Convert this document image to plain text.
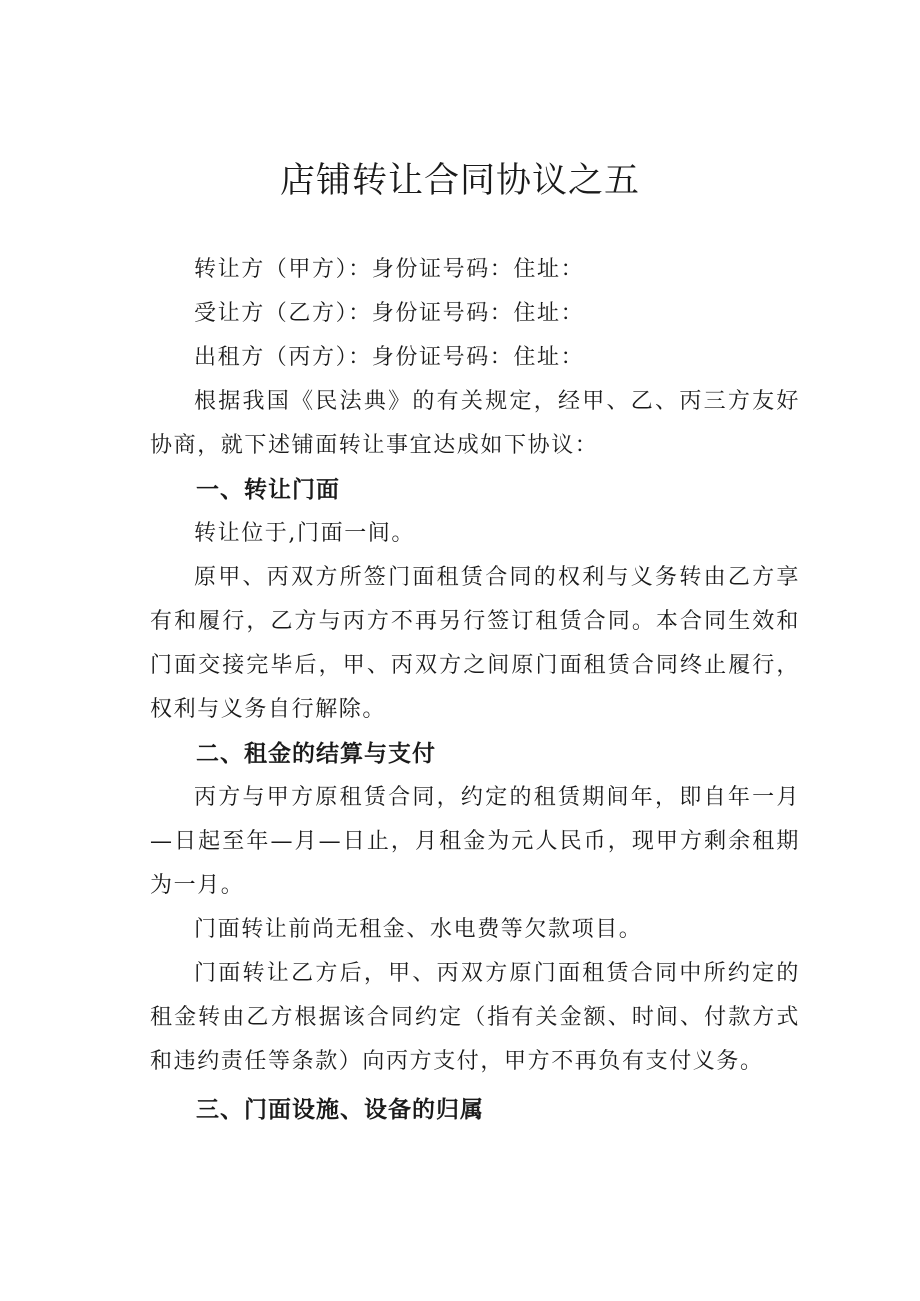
店铺转让合同协议之五

转让方（甲方）：身份证号码：住址：

受让方（乙方）：身份证号码：住址：

出租方（丙方）：身份证号码：住址：

根据我国《民法典》的有关规定，经甲、乙、丙三方友好协商，就下述铺面转让事宜达成如下协议：

一、转让门面

转让位于,门面一间。

原甲、丙双方所签门面租赁合同的权利与义务转由乙方享有和履行，乙方与丙方不再另行签订租赁合同。本合同生效和门面交接完毕后，甲、丙双方之间原门面租赁合同终止履行，权利与义务自行解除。

二、租金的结算与支付

丙方与甲方原租赁合同，约定的租赁期间年，即自年一月—日起至年—月—日止，月租金为元人民币，现甲方剩余租期为一月。

门面转让前尚无租金、水电费等欠款项目。

门面转让乙方后，甲、丙双方原门面租赁合同中所约定的租金转由乙方根据该合同约定（指有关金额、时间、付款方式和违约责任等条款）向丙方支付，甲方不再负有支付义务。

三、门面设施、设备的归属
